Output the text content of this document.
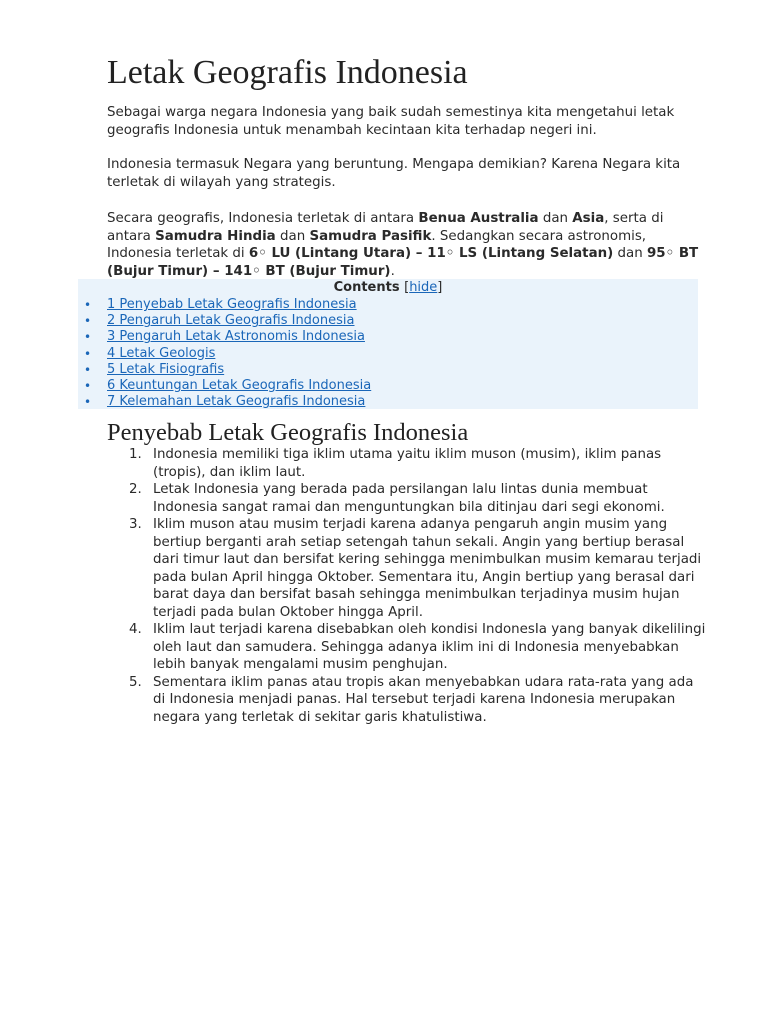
Letak Geografis Indonesia

Sebagai warga negara Indonesia yang baik sudah semestinya kita mengetahui letak geografis Indonesia untuk menambah kecintaan kita terhadap negeri ini.

Indonesia termasuk Negara yang beruntung. Mengapa demikian? Karena Negara kita terletak di wilayah yang strategis.

Secara geografis, Indonesia terletak di antara Benua Australia dan Asia, serta di antara Samudra Hindia dan Samudra Pasifik. Sedangkan secara astronomis, Indonesia terletak di 6◦ LU (Lintang Utara) – 11◦ LS (Lintang Selatan) dan 95◦ BT (Bujur Timur) – 141◦ BT (Bujur Timur).

Penyebab Letak Geografis Indonesia
1. Indonesia memiliki tiga iklim utama yaitu iklim muson (musim), iklim panas (tropis), dan iklim laut.
2. Letak Indonesia yang berada pada persilangan lalu lintas dunia membuat Indonesia sangat ramai dan menguntungkan bila ditinjau dari segi ekonomi.
3. Iklim muson atau musim terjadi karena adanya pengaruh angin musim yang bertiup berganti arah setiap setengah tahun sekali. Angin yang bertiup berasal dari timur laut dan bersifat kering sehingga menimbulkan musim kemarau terjadi pada bulan April hingga Oktober. Sementara itu, Angin bertiup yang berasal dari barat daya dan bersifat basah sehingga menimbulkan terjadinya musim hujan terjadi pada bulan Oktober hingga April.
4. Iklim laut terjadi karena disebabkan oleh kondisi IndonesIa yang banyak dikelilingi oleh laut dan samudera. Sehingga adanya iklim ini di Indonesia menyebabkan lebih banyak mengalami musim penghujan.
5. Sementara iklim panas atau tropis akan menyebabkan udara rata-rata yang ada di Indonesia menjadi panas. Hal tersebut terjadi karena Indonesia merupakan negara yang terletak di sekitar garis khatulistiwa.
Contents [hide]
• 1 Penyebab Letak Geografis Indonesia
• 2 Pengaruh Letak Geografis Indonesia
• 3 Pengaruh Letak Astronomis Indonesia
• 4 Letak Geologis
• 5 Letak Fisiografis
• 6 Keuntungan Letak Geografis Indonesia
• 7 Kelemahan Letak Geografis Indonesia
